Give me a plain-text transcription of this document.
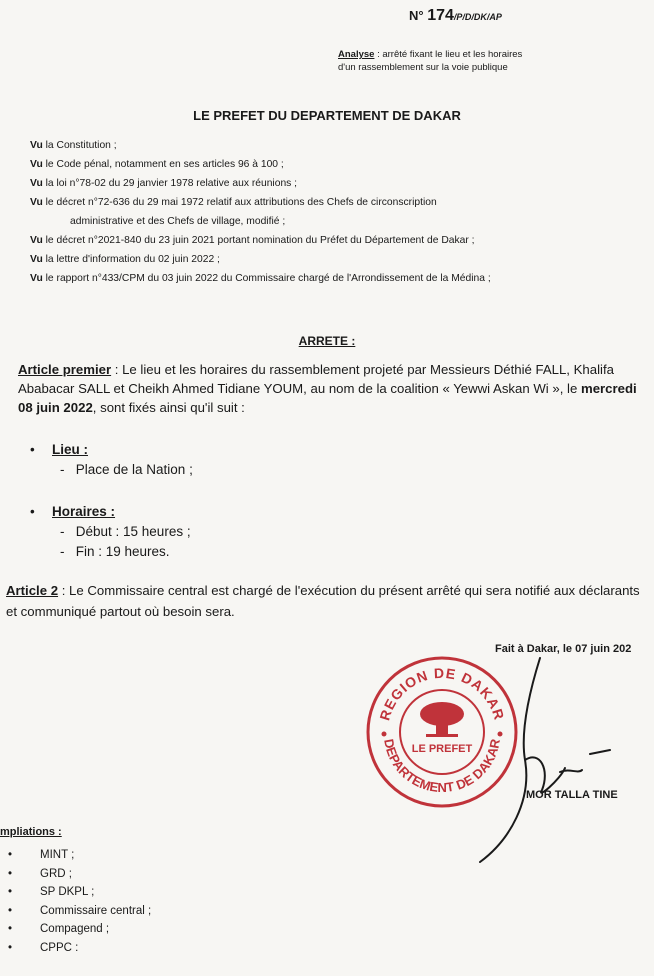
N° 174/P/D/DK/AP
Analyse : arrêté fixant le lieu et les horaires
d'un rassemblement sur la voie publique
LE PREFET DU DEPARTEMENT DE DAKAR
Vu la Constitution ;
Vu le Code pénal, notamment en ses articles 96 à 100 ;
Vu la loi n°78-02 du 29 janvier 1978 relative aux réunions ;
Vu le décret n°72-636 du 29 mai 1972 relatif aux attributions des Chefs de circonscription
administrative et des Chefs de village, modifié ;
Vu le décret n°2021-840 du 23 juin 2021 portant nomination du Préfet du Département de Dakar ;
Vu la lettre d'information du 02 juin 2022 ;
Vu le rapport n°433/CPM du 03 juin 2022 du Commissaire chargé de l'Arrondissement de la Médina ;
ARRETE :
Article premier : Le lieu et les horaires du rassemblement projeté par Messieurs Déthié FALL, Khalifa Ababacar SALL et Cheikh Ahmed Tidiane YOUM, au nom de la coalition « Yewwi Askan Wi », le mercredi 08 juin 2022, sont fixés ainsi qu'il suit :
• Lieu :
-   Place de la Nation ;
• Horaires :
-   Début : 15 heures ;
-   Fin : 19 heures.
Article 2 : Le Commissaire central est chargé de l'exécution du présent arrêté qui sera notifié aux déclarants et communiqué partout où besoin sera.
Fait à Dakar, le 07 juin 202
REGION DE DAKAR
DEPARTEMENT DE DAKAR
LE PREFET
MOR TALLA TINE
mpliations :
• MINT ;
• GRD ;
• SP DKPL ;
• Commissaire central ;
• Compagend ;
• CPPC :
